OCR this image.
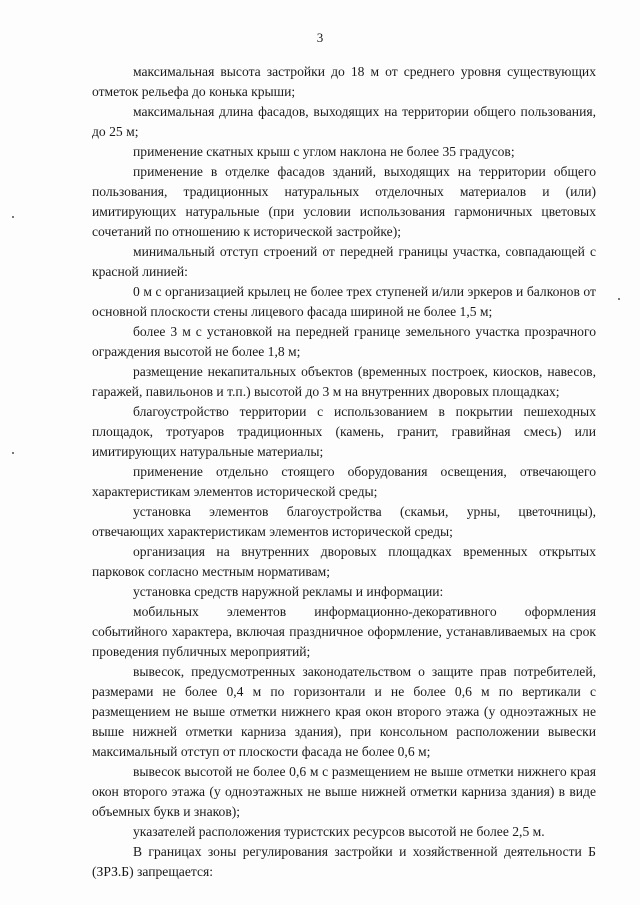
3

максимальная высота застройки до 18 м от среднего уровня существующих отметок рельефа до конька крыши;

максимальная длина фасадов, выходящих на территории общего пользования, до 25 м;

применение скатных крыш с углом наклона не более 35 градусов;

применение в отделке фасадов зданий, выходящих на территории общего пользования, традиционных натуральных отделочных материалов и (или) имитирующих натуральные (при условии использования гармоничных цветовых сочетаний по отношению к исторической застройке);

минимальный отступ строений от передней границы участка, совпадающей с красной линией:

0 м с организацией крылец не более трех ступеней и/или эркеров и балконов от основной плоскости стены лицевого фасада шириной не более 1,5 м;

более 3 м с установкой на передней границе земельного участка прозрачного ограждения высотой не более 1,8 м;

размещение некапитальных объектов (временных построек, киосков, навесов, гаражей, павильонов и т.п.) высотой до 3 м на внутренних дворовых площадках;

благоустройство территории с использованием в покрытии пешеходных площадок, тротуаров традиционных (камень, гранит, гравийная смесь) или имитирующих натуральные материалы;

применение отдельно стоящего оборудования освещения, отвечающего характеристикам элементов исторической среды;

установка элементов благоустройства (скамьи, урны, цветочницы), отвечающих характеристикам элементов исторической среды;

организация на внутренних дворовых площадках временных открытых парковок согласно местным нормативам;

установка средств наружной рекламы и информации:

мобильных элементов информационно-декоративного оформления событийного характера, включая праздничное оформление, устанавливаемых на срок проведения публичных мероприятий;

вывесок, предусмотренных законодательством о защите прав потребителей, размерами не более 0,4 м по горизонтали и не более 0,6 м по вертикали с размещением не выше отметки нижнего края окон второго этажа (у одноэтажных не выше нижней отметки карниза здания), при консольном расположении вывески максимальный отступ от плоскости фасада не более 0,6 м;

вывесок высотой не более 0,6 м с размещением не выше отметки нижнего края окон второго этажа (у одноэтажных не выше нижней отметки карниза здания) в виде объемных букв и знаков);

указателей расположения туристских ресурсов высотой не более 2,5 м.

В границах зоны регулирования застройки и хозяйственной деятельности Б (ЗРЗ.Б) запрещается:
